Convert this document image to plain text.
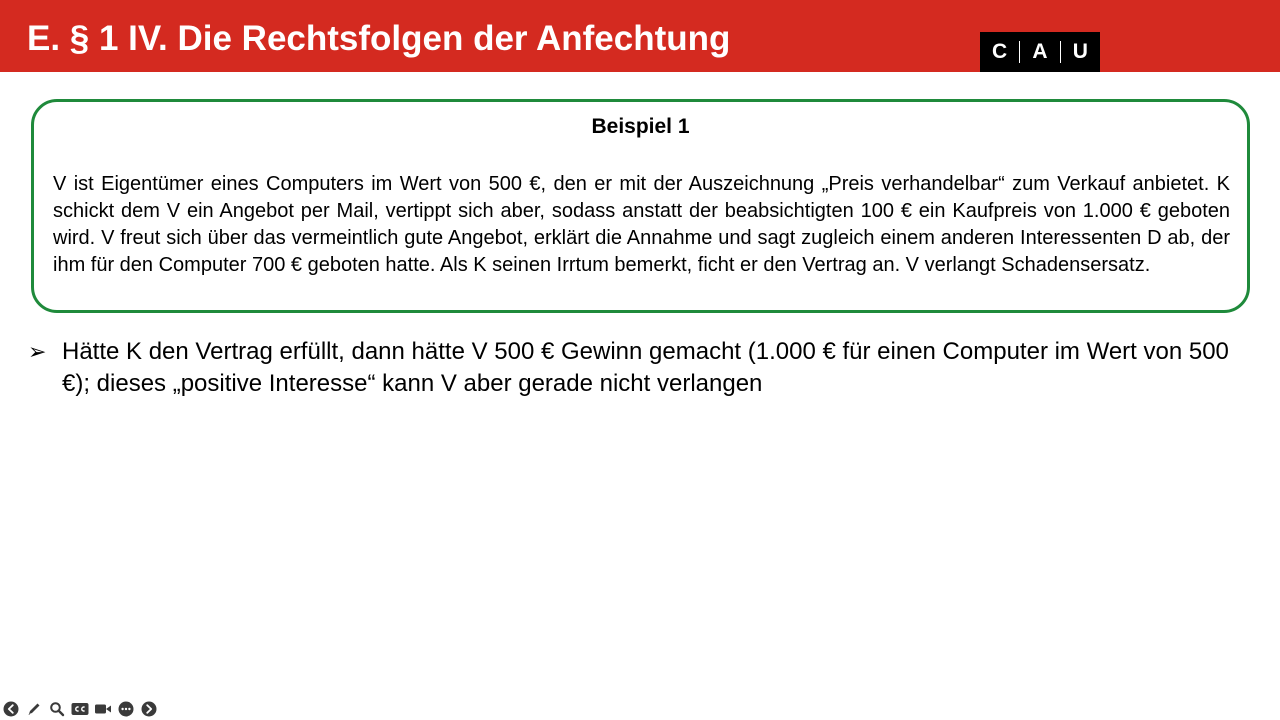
E. § 1 IV. Die Rechtsfolgen der Anfechtung	C A U
Beispiel 1

V ist Eigentümer eines Computers im Wert von 500 €, den er mit der Auszeichnung „Preis verhandelbar“ zum Verkauf anbietet. K schickt dem V ein Angebot per Mail, vertippt sich aber, sodass anstatt der beabsichtigten 100 € ein Kaufpreis von 1.000 € geboten wird. V freut sich über das vermeintlich gute Angebot, erklärt die Annahme und sagt zugleich einem anderen Interessenten D ab, der ihm für den Computer 700 € geboten hatte. Als K seinen Irrtum bemerkt, ficht er den Vertrag an. V verlangt Schadensersatz.

➢ Hätte K den Vertrag erfüllt, dann hätte V 500 € Gewinn gemacht (1.000 € für einen Computer im Wert von 500 €); dieses „positive Interesse“ kann V aber gerade nicht verlangen
